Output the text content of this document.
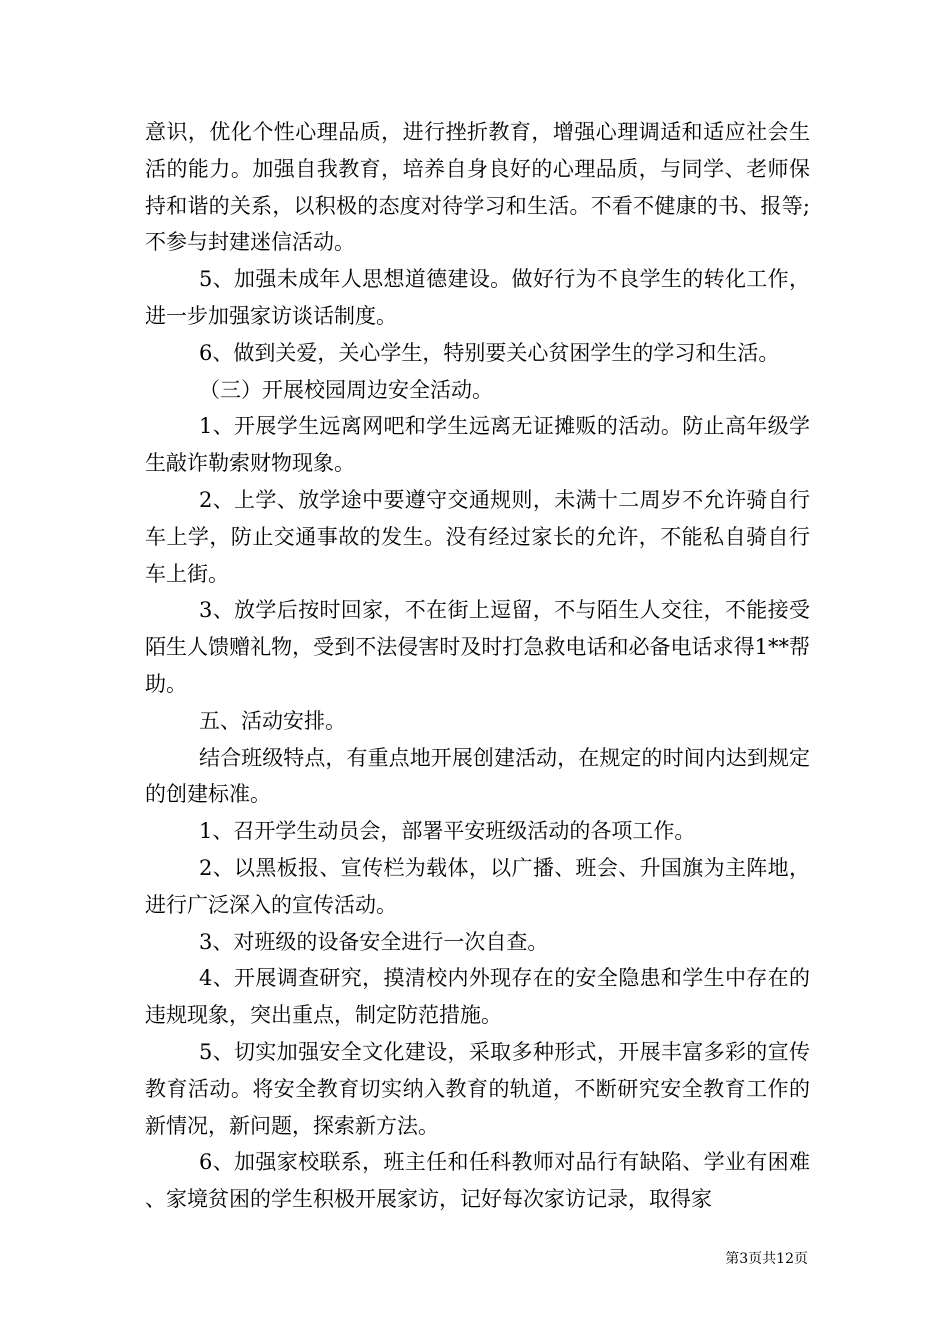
意识，优化个性心理品质，进行挫折教育，增强心理调适和适应社会生活的能力。加强自我教育，培养自身良好的心理品质，与同学、老师保持和谐的关系，以积极的态度对待学习和生活。不看不健康的书、报等;不参与封建迷信活动。

5、加强未成年人思想道德建设。做好行为不良学生的转化工作，进一步加强家访谈话制度。

6、做到关爱，关心学生，特别要关心贫困学生的学习和生活。

（三）开展校园周边安全活动。

1、开展学生远离网吧和学生远离无证摊贩的活动。防止高年级学生敲诈勒索财物现象。

2、上学、放学途中要遵守交通规则，未满十二周岁不允许骑自行车上学，防止交通事故的发生。没有经过家长的允许，不能私自骑自行车上街。

3、放学后按时回家，不在街上逗留，不与陌生人交往，不能接受陌生人馈赠礼物，受到不法侵害时及时打急救电话和必备电话求得1**帮助。

五、活动安排。

结合班级特点，有重点地开展创建活动，在规定的时间内达到规定的创建标准。

1、召开学生动员会，部署平安班级活动的各项工作。

2、以黑板报、宣传栏为载体，以广播、班会、升国旗为主阵地，进行广泛深入的宣传活动。

3、对班级的设备安全进行一次自查。

4、开展调查研究，摸清校内外现存在的安全隐患和学生中存在的违规现象，突出重点，制定防范措施。

5、切实加强安全文化建设，采取多种形式，开展丰富多彩的宣传教育活动。将安全教育切实纳入教育的轨道，不断研究安全教育工作的新情况，新问题，探索新方法。

6、加强家校联系，班主任和任科教师对品行有缺陷、学业有困难、家境贫困的学生积极开展家访，记好每次家访记录，取得家

第3页共12页
